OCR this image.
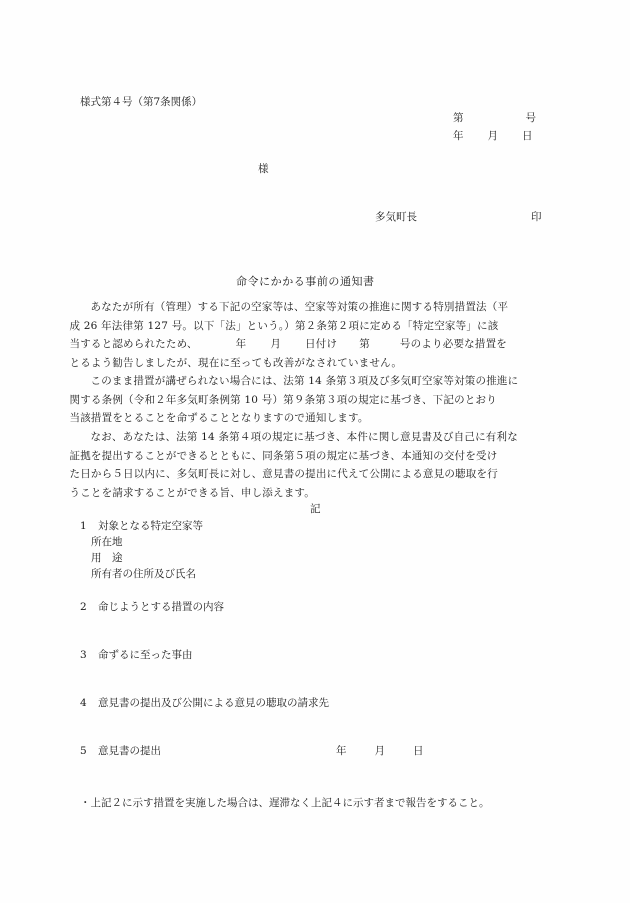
様式第４号（第7条関係）
第	号
年 月 日
様
多気町長	印
命令にかかる事前の通知書
あなたが所有（管理）する下記の空家等は、空家等対策の推進に関する特別措置法（平
成 26 年法律第 127 号。以下「法」という。）第２条第２項に定める「特定空家等」に該
当すると認められたため、	年 月 日付け 第	号のより必要な措置を
とるよう勧告しましたが、現在に至っても改善がなされていません。
このまま措置が講ぜられない場合には、法第 14 条第３項及び多気町空家等対策の推進に
関する条例（令和２年多気町条例第 10 号）第９条第３項の規定に基づき、下記のとおり
当該措置をとることを命ずることとなりますので通知します。
なお、あなたは、法第 14 条第４項の規定に基づき、本件に関し意見書及び自己に有利な
証拠を提出することができるとともに、同条第５項の規定に基づき、本通知の交付を受け
た日から５日以内に、多気町長に対し、意見書の提出に代えて公開による意見の聴取を行
うことを請求することができる旨、申し添えます。
記
1 対象となる特定空家等
所在地
用　途
所有者の住所及び氏名
2 命じようとする措置の内容
3 命ずるに至った事由
4 意見書の提出及び公開による意見の聴取の請求先
5 意見書の提出	年	月	日
・上記２に示す措置を実施した場合は、遅滞なく上記４に示す者まで報告をすること。
